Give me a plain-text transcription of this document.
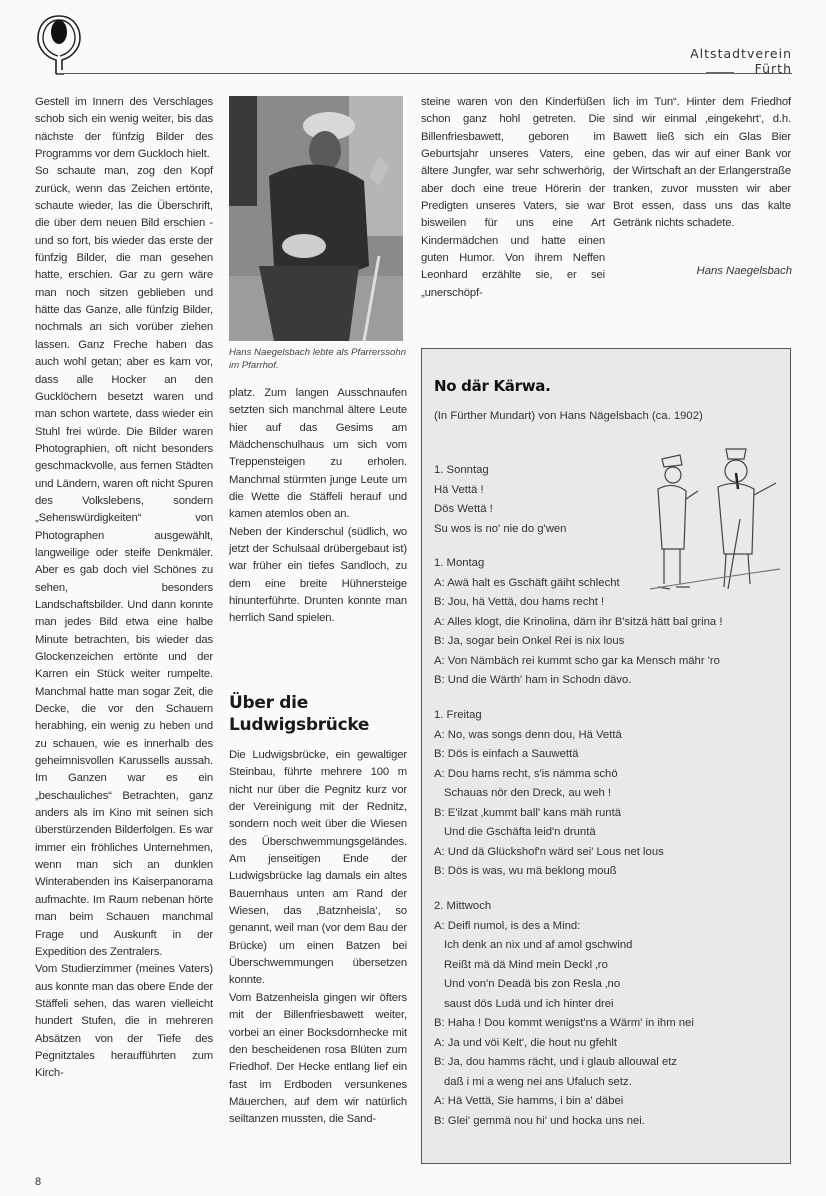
Altstadtverein
Fürth

Gestell im Innern des Verschlages schob sich ein wenig weiter, bis das nächste der fünfzig Bilder des Programms vor dem Guckloch hielt.

So schaute man, zog den Kopf zurück, wenn das Zeichen ertönte, schaute wieder, las die Überschrift, die über dem neuen Bild erschien - und so fort, bis wieder das erste der fünfzig Bilder, die man gesehen hatte, erschien. Gar zu gern wäre man noch sitzen geblieben und hätte das Ganze, alle fünfzig Bilder, nochmals an sich vorüber ziehen lassen. Ganz Freche haben das auch wohl getan; aber es kam vor, dass alle Hocker an den Gucklöchern besetzt waren und man schon wartete, dass wieder ein Stuhl frei würde. Die Bilder waren Photographien, oft nicht besonders geschmackvolle, aus fernen Städten und Ländern, waren oft nicht Spuren des Volkslebens, sondern „Sehenswürdigkeiten“ von Photographen ausgewählt, langweilige oder steife Denkmäler. Aber es gab doch viel Schönes zu sehen, besonders Landschaftsbilder. Und dann konnte man jedes Bild etwa eine halbe Minute betrachten, bis wieder das Glockenzeichen ertönte und der Karren ein Stück weiter rumpelte. Manchmal hatte man sogar Zeit, die Decke, die vor den Schauern herabhing, ein wenig zu heben und zu schauen, wie es innerhalb des geheimnisvollen Karussells aussah. Im Ganzen war es ein „beschauliches“ Betrachten, ganz anders als im Kino mit seinen sich überstürzenden Bilderfolgen. Es war immer ein fröhliches Unternehmen, wenn man sich an dunklen Winterabenden ins Kaiserpanorama aufmachte. Im Raum nebenan hörte man beim Schauen manchmal Frage und Auskunft in der Expedition des Zentralers.

Vom Studierzimmer (meines Vaters) aus konnte man das obere Ende der Stäffeli sehen, das waren vielleicht hundert Stufen, die in mehreren Absätzen von der Tiefe des Pegnitztales heraufführten zum Kirch-

Hans Naegelsbach lebte als Pfarrerssohn im Pfarrhof.

platz. Zum langen Ausschnaufen setzten sich manchmal ältere Leute hier auf das Gesims am Mädchenschulhaus um sich vom Treppensteigen zu erholen. Manchmal stürmten junge Leute um die Wette die Stäffeli herauf und kamen atemlos oben an.

Neben der Kinderschul (südlich, wo jetzt der Schulsaal drübergebaut ist) war früher ein tiefes Sandloch, zu dem eine breite Hühnersteige hinunterführte. Drunten konnte man herrlich Sand spielen.

Über die Ludwigsbrücke

Die Ludwigsbrücke, ein gewaltiger Steinbau, führte mehrere 100 m nicht nur über die Pegnitz kurz vor der Vereinigung mit der Rednitz, sondern noch weit über die Wiesen des Überschwemmungsgeländes. Am jenseitigen Ende der Ludwigsbrücke lag damals ein altes Bauernhaus unten am Rand der Wiesen, das ‚Batznheisla‘, so genannt, weil man (vor dem Bau der Brücke) um einen Batzen bei Überschwemmungen übersetzen konnte.

Vom Batzenheisla gingen wir öfters mit der Billenfriesbawett weiter, vorbei an einer Bocksdornhecke mit den bescheidenen rosa Blüten zum Friedhof. Der Hecke entlang lief ein fast im Erdboden versunkenes Mäuerchen, auf dem wir natürlich seiltanzen mussten, die Sand-

steine waren von den Kinderfüßen schon ganz hohl getreten. Die Billenfriesbawett, geboren im Geburtsjahr unseres Vaters, eine ältere Jungfer, war sehr schwerhörig, aber doch eine treue Hörerin der Predigten unseres Vaters, sie war bisweilen für uns eine Art Kindermädchen und hatte einen guten Humor. Von ihrem Neffen Leonhard erzählte sie, er sei „unerschöpf-

lich im Tun“. Hinter dem Friedhof sind wir einmal ‚eingekehrt‘, d.h. Bawett ließ sich ein Glas Bier geben, das wir auf einer Bank vor der Wirtschaft an der Erlangerstraße tranken, zuvor mussten wir aber Brot essen, dass uns das kalte Getränk nichts schadete.

Hans Naegelsbach
No där Kärwa.
(In Fürther Mundart) von Hans Nägelsbach (ca. 1902)
1. Sonntag
Hä Vettä !
Dös Wettä !
Su wos is no' nie do g'wen
1. Montag
A: Awä halt es Gschäft gäiht schlecht
B: Jou, hä Vettä, dou hams recht !
A: Alles klogt, die Krinolina, därn ihr B'sitzä hätt bal grina !
B: Ja, sogar bein Onkel Rei is nix lous
A: Von Nämbäch rei kummt scho gar ka Mensch mähr 'ro
B: Und die Wärth' ham in Schodn dävo.
1. Freitag
A: No, was songs denn dou, Hä Vettä
B: Dös is einfach a Sauwettä
A: Dou hams recht, s'is nämma schö
Schauas nör den Dreck, au weh !
B: E'ilzat ‚kummt ball' kans mäh runtä
Und die Gschäfta leid'n druntä
A: Und dä Glückshof'n wärd sei' Lous net lous
B: Dös is was, wu mä beklong mouß
2. Mittwoch
A: Deifl numol, is des a Mind:
Ich denk an nix und af amol gschwind
Reißt mä dä Mind mein Deckl ‚ro
Und von'n Deadä bis zon Resla ‚no
saust dös Ludä und ich hinter drei
B: Haha ! Dou kommt wenigst'ns a Wärm' in ihm nei
A: Ja und vöi Kelt', die hout nu gfehlt
B: Ja, dou hamms rächt, und i glaub allouwal etz
daß i mi a weng nei ans Ufaluch setz.
A: Hä Vettä, Sie hamms, i bin a' däbei
B: Glei' gemmä nou hi' und hocka uns nei.
8
